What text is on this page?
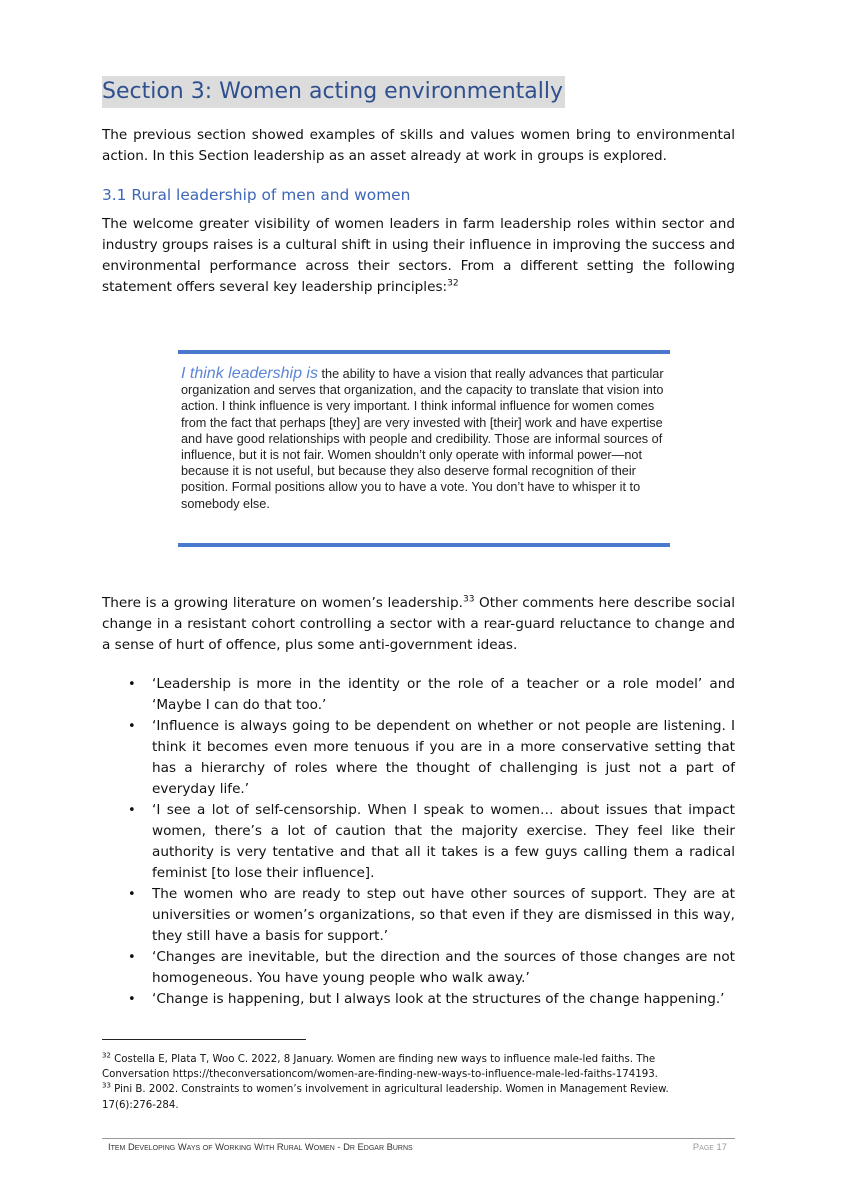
Section 3: Women acting environmentally
The previous section showed examples of skills and values women bring to environmental action. In this Section leadership as an asset already at work in groups is explored.
3.1 Rural leadership of men and women
The welcome greater visibility of women leaders in farm leadership roles within sector and industry groups raises is a cultural shift in using their influence in improving the success and environmental performance across their sectors. From a different setting the following statement offers several key leadership principles:$^{32}$
I think leadership is the ability to have a vision that really advances that particular organization and serves that organization, and the capacity to translate that vision into action. I think influence is very important. I think informal influence for women comes from the fact that perhaps [they] are very invested with [their] work and have expertise and have good relationships with people and credibility. Those are informal sources of influence, but it is not fair. Women shouldn’t only operate with informal power—not because it is not useful, but because they also deserve formal recognition of their position. Formal positions allow you to have a vote. You don’t have to whisper it to somebody else.
There is a growing literature on women’s leadership.$^{33}$ Other comments here describe social change in a resistant cohort controlling a sector with a rear-guard reluctance to change and a sense of hurt of offence, plus some anti-government ideas.
• ‘Leadership is more in the identity or the role of a teacher or a role model’ and ‘Maybe I can do that too.’
• ‘Influence is always going to be dependent on whether or not people are listening. I think it becomes even more tenuous if you are in a more conservative setting that has a hierarchy of roles where the thought of challenging is just not a part of everyday life.’
• ‘I see a lot of self-censorship. When I speak to women… about issues that impact women, there’s a lot of caution that the majority exercise. They feel like their authority is very tentative and that all it takes is a few guys calling them a radical feminist [to lose their influence].
• The women who are ready to step out have other sources of support. They are at universities or women’s organizations, so that even if they are dismissed in this way, they still have a basis for support.’
• ‘Changes are inevitable, but the direction and the sources of those changes are not homogeneous. You have young people who walk away.’
• ‘Change is happening, but I always look at the structures of the change happening.’
$^{32}$ Costella E, Plata T, Woo C. 2022, 8 January. Women are finding new ways to influence male-led faiths. The Conversation https://theconversationcom/women-are-finding-new-ways-to-influence-male-led-faiths-174193.
$^{33}$ Pini B. 2002. Constraints to women’s involvement in agricultural leadership. Women in Management Review. 17(6):276-284.
Item Developing Ways of Working With Rural Women - Dr Edgar Burns	Page 17
